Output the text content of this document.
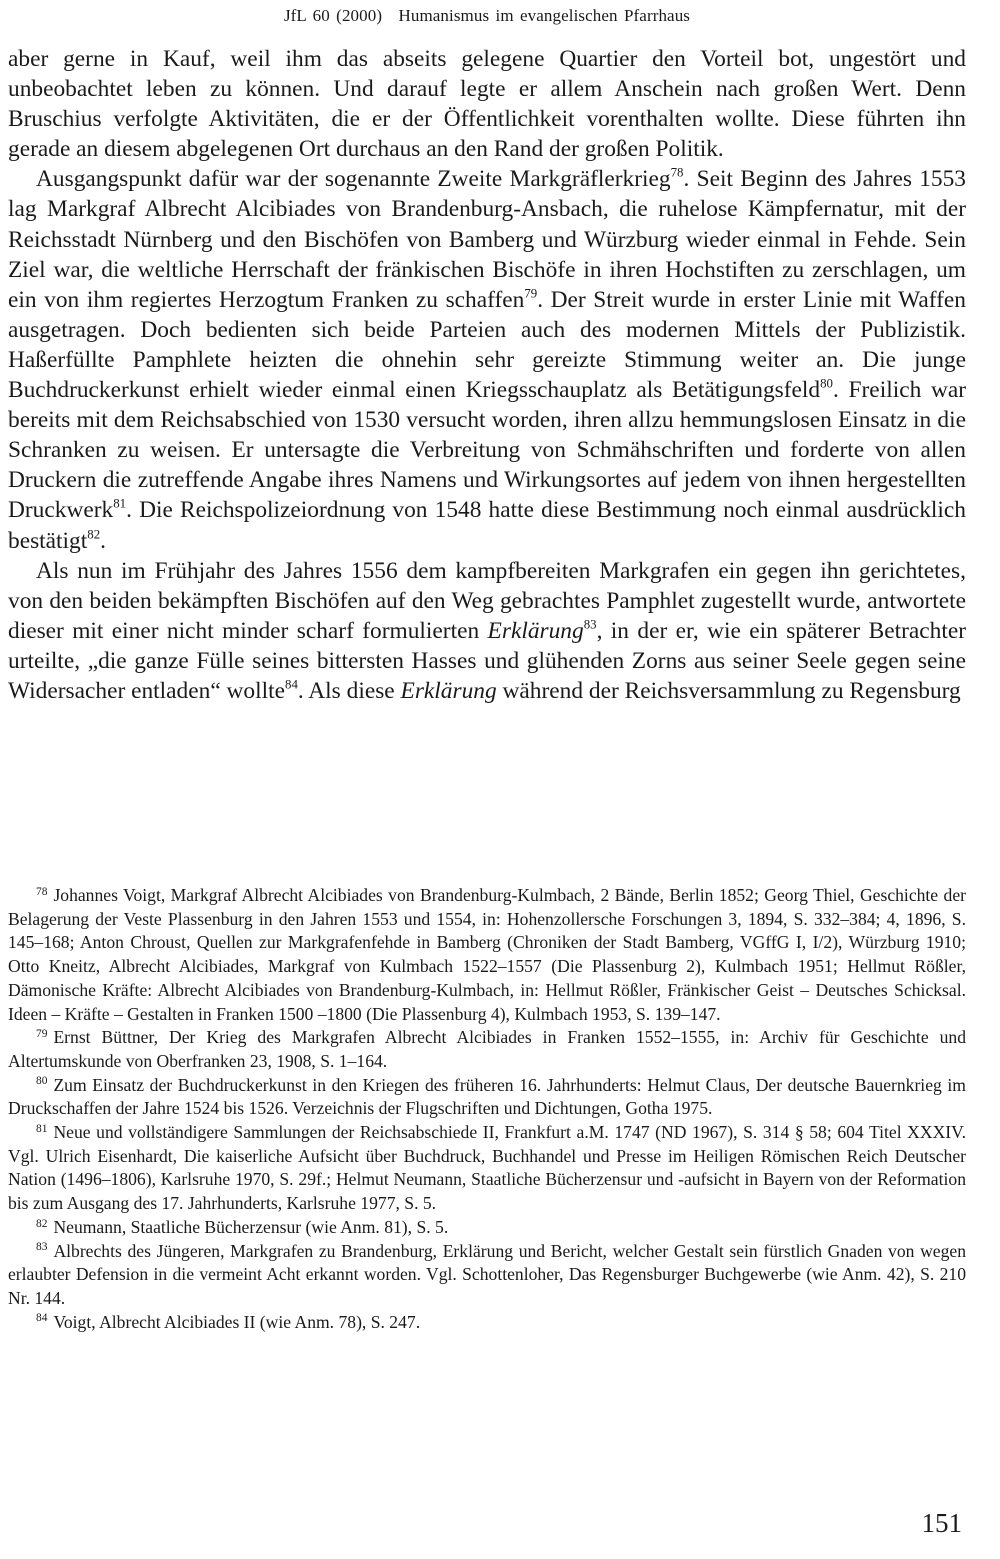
JfL 60 (2000) Humanismus im evangelischen Pfarrhaus

aber gerne in Kauf, weil ihm das abseits gelegene Quartier den Vorteil bot, ungestört und unbeobachtet leben zu können. Und darauf legte er allem Anschein nach großen Wert. Denn Bruschius verfolgte Aktivitäten, die er der Öffentlichkeit vorenthalten wollte. Diese führten ihn gerade an diesem abgelegenen Ort durchaus an den Rand der großen Politik.

Ausgangspunkt dafür war der sogenannte Zweite Markgräflerkrieg$^{78}$. Seit Beginn des Jahres 1553 lag Markgraf Albrecht Alcibiades von Brandenburg-Ansbach, die ruhelose Kämpfernatur, mit der Reichsstadt Nürnberg und den Bischöfen von Bamberg und Würzburg wieder einmal in Fehde. Sein Ziel war, die weltliche Herrschaft der fränkischen Bischöfe in ihren Hochstiften zu zerschlagen, um ein von ihm regiertes Herzogtum Franken zu schaffen$^{79}$. Der Streit wurde in erster Linie mit Waffen ausgetragen. Doch bedienten sich beide Parteien auch des modernen Mittels der Publizistik. Haßerfüllte Pamphlete heizten die ohnehin sehr gereizte Stimmung weiter an. Die junge Buchdruckerkunst erhielt wieder einmal einen Kriegsschauplatz als Betätigungsfeld$^{80}$. Freilich war bereits mit dem Reichsabschied von 1530 versucht worden, ihren allzu hemmungslosen Einsatz in die Schranken zu weisen. Er untersagte die Verbreitung von Schmähschriften und forderte von allen Druckern die zutreffende Angabe ihres Namens und Wirkungsortes auf jedem von ihnen hergestellten Druckwerk$^{81}$. Die Reichspolizeiordnung von 1548 hatte diese Bestimmung noch einmal ausdrücklich bestätigt$^{82}$.

Als nun im Frühjahr des Jahres 1556 dem kampfbereiten Markgrafen ein gegen ihn gerichtetes, von den beiden bekämpften Bischöfen auf den Weg gebrachtes Pamphlet zugestellt wurde, antwortete dieser mit einer nicht minder scharf formulierten Erklärung$^{83}$, in der er, wie ein späterer Betrachter urteilte, „die ganze Fülle seines bittersten Hasses und glühenden Zorns aus seiner Seele gegen seine Widersacher entladen“ wollte$^{84}$. Als diese Erklärung während der Reichsversammlung zu Regensburg

$^{78}$ Johannes Voigt, Markgraf Albrecht Alcibiades von Brandenburg-Kulmbach, 2 Bände, Berlin 1852; Georg Thiel, Geschichte der Belagerung der Veste Plassenburg in den Jahren 1553 und 1554, in: Hohenzollersche Forschungen 3, 1894, S. 332–384; 4, 1896, S. 145–168; Anton Chroust, Quellen zur Markgrafenfehde in Bamberg (Chroniken der Stadt Bamberg, VGffG I, I/2), Würzburg 1910; Otto Kneitz, Albrecht Alcibiades, Markgraf von Kulmbach 1522–1557 (Die Plassenburg 2), Kulmbach 1951; Hellmut Rößler, Dämonische Kräfte: Albrecht Alcibiades von Brandenburg-Kulmbach, in: Hellmut Rößler, Fränkischer Geist – Deutsches Schicksal. Ideen – Kräfte – Gestalten in Franken 1500 –1800 (Die Plassenburg 4), Kulmbach 1953, S. 139–147.

$^{79}$ Ernst Büttner, Der Krieg des Markgrafen Albrecht Alcibiades in Franken 1552–1555, in: Archiv für Geschichte und Altertumskunde von Oberfranken 23, 1908, S. 1–164.

$^{80}$ Zum Einsatz der Buchdruckerkunst in den Kriegen des früheren 16. Jahrhunderts: Helmut Claus, Der deutsche Bauernkrieg im Druckschaffen der Jahre 1524 bis 1526. Verzeichnis der Flugschriften und Dichtungen, Gotha 1975.

$^{81}$ Neue und vollständigere Sammlungen der Reichsabschiede II, Frankfurt a.M. 1747 (ND 1967), S. 314 § 58; 604 Titel XXXIV. Vgl. Ulrich Eisenhardt, Die kaiserliche Aufsicht über Buchdruck, Buchhandel und Presse im Heiligen Römischen Reich Deutscher Nation (1496–1806), Karlsruhe 1970, S. 29f.; Helmut Neumann, Staatliche Bücherzensur und -aufsicht in Bayern von der Reformation bis zum Ausgang des 17. Jahrhunderts, Karlsruhe 1977, S. 5.

$^{82}$ Neumann, Staatliche Bücherzensur (wie Anm. 81), S. 5.

$^{83}$ Albrechts des Jüngeren, Markgrafen zu Brandenburg, Erklärung und Bericht, welcher Gestalt sein fürstlich Gnaden von wegen erlaubter Defension in die vermeint Acht erkannt worden. Vgl. Schottenloher, Das Regensburger Buchgewerbe (wie Anm. 42), S. 210 Nr. 144.

$^{84}$ Voigt, Albrecht Alcibiades II (wie Anm. 78), S. 247.

151
